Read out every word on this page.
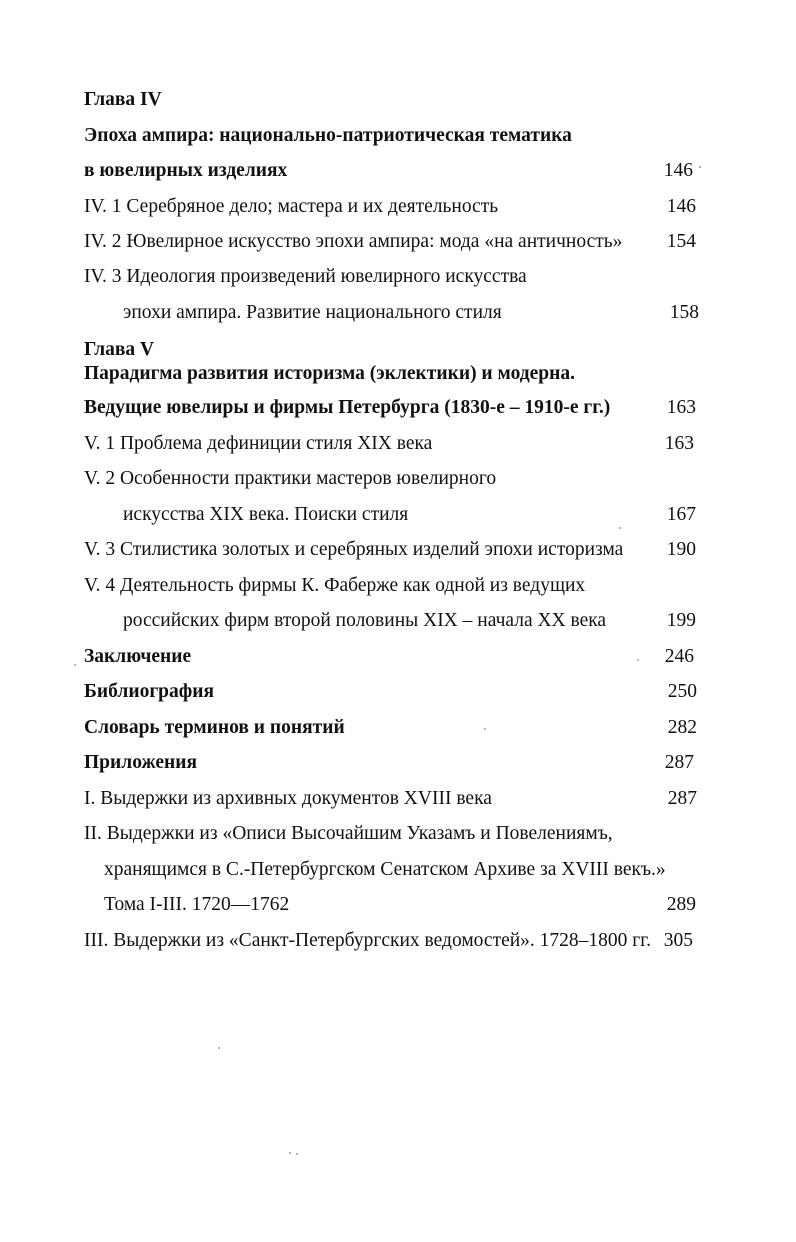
Глава IV
Эпоха ампира: национально-патриотическая тематика
в ювелирных изделиях	146
IV. 1 Серебряное дело; мастера и их деятельность	146
IV. 2 Ювелирное искусство эпохи ампира: мода «на античность»	154
IV. 3 Идеология произведений ювелирного искусства
эпохи ампира. Развитие национального стиля	158
Глава V
Парадигма развития историзма (эклектики) и модерна.
Ведущие ювелиры и фирмы Петербурга (1830-е – 1910-е гг.)	163
V. 1 Проблема дефиниции стиля XIX века	163
V. 2 Особенности практики мастеров ювелирного
искусства XIX века. Поиски стиля	167
V. 3 Стилистика золотых и серебряных изделий эпохи историзма	190
V. 4 Деятельность фирмы К. Фаберже как одной из ведущих
российских фирм второй половины XIX – начала XX века	199
Заключение	246
Библиография	250
Словарь терминов и понятий	282
Приложения	287
I. Выдержки из архивных документов XVIII века	287
II. Выдержки из «Описи Высочайшим Указамъ и Повелениямъ,
хранящимся в С.-Петербургском Сенатском Архиве за XVIII векъ.»
Тома I-III. 1720—1762	289
III. Выдержки из «Санкт-Петербургских ведомостей». 1728–1800 гг. 305
